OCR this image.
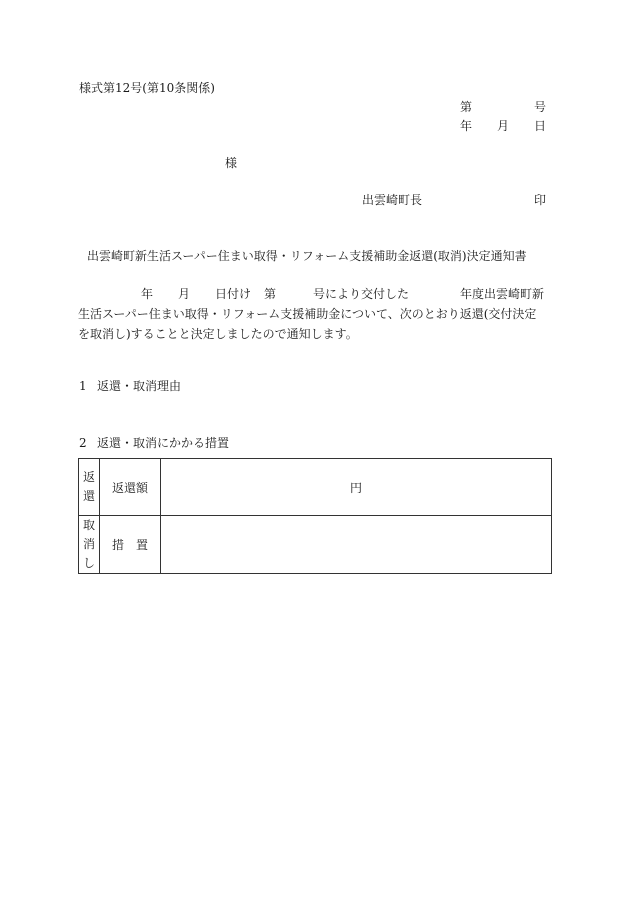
様式第12号(第10条関係)
第	号
年 月 日
様
出雲崎町長	印
出雲崎町新生活スーパー住まい取得・リフォーム支援補助金返還(取消)決定通知書
年 月 日付け 第	号により交付した	年度出雲崎町新
生活スーパー住まい取得・リフォーム支援補助金について、次のとおり返還(交付決定
を取消し)することと決定しましたので通知します。
1 返還・取消理由
2 返還・取消にかかる措置
返
還	返還額	円

取
消
し	措　置	
